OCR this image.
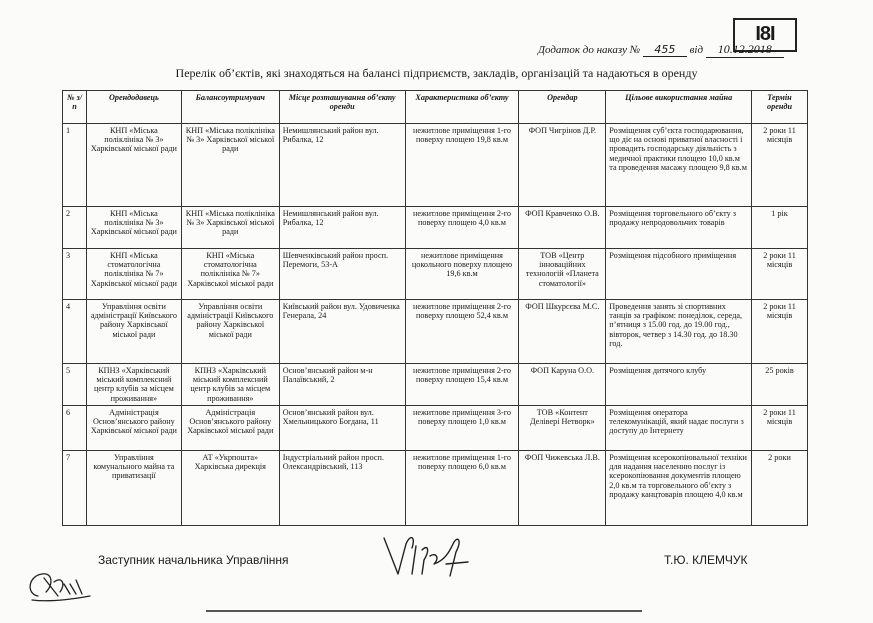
I8I
Додаток до наказу № 455 від 10.12.2018
Перелік об’єктів, які знаходяться на балансі підприємств, закладів, організацій та надаються в оренду
№ з/п	Орендодавець	Балансоутримувач	Місце розташування об’єкту оренди	Характеристика об’єкту	Орендар	Цільове використання майна	Термін оренди
1	КНП «Міська поліклініка № 3» Харківської міської ради	КНП «Міська поліклініка № 3» Харківської міської ради	Немишлянський район вул. Рибалка, 12	нежитлове приміщення 1-го поверху площею 19,8 кв.м	ФОП Чигрінов Д.Р.	Розміщення суб’єкта господарювання, що діє на основі приватної власності і провадить господарську діяльність з медичної практики площею 10,0 кв.м та проведення масажу площею 9,8 кв.м	2 роки 11 місяців
2	КНП «Міська поліклініка № 3» Харківської міської ради	КНП «Міська поліклініка № 3» Харківської міської ради	Немишлянський район вул. Рибалка, 12	нежитлове приміщення 2-го поверху площею 4,0 кв.м	ФОП Кравченко О.В.	Розміщення торговельного об’єкту з продажу непродовольчих товарів	1 рік
3	КНП «Міська стоматологічна поліклініка № 7» Харківської міської ради	КНП «Міська стоматологічна поліклініка № 7» Харківської міської ради	Шевченківський район просп. Перемоги, 53-А	нежитлове приміщення цокольного поверху площею 19,6 кв.м	ТОВ «Центр інноваційних технологій «Планета стоматології»	Розміщення підсобного приміщення	2 роки 11 місяців
4	Управління освіти адміністрації Київського району Харківської міської ради	Управління освіти адміністрації Київського району Харківської міської ради	Київський район вул. Удовиченка Генерала, 24	нежитлове приміщення 2-го поверху площею 52,4 кв.м	ФОП Шкурсєва М.С.	Проведення занять зі спортивних танців за графіком: понеділок, середа, п’ятниця з 15.00 год. до 19.00 год., вівторок, четвер з 14.30 год. до 18.30 год.	2 роки 11 місяців
5	КПНЗ «Харківський міський комплексний центр клубів за місцем проживання»	КПНЗ «Харківський міський комплексний центр клубів за місцем проживання»	Основ’янський район м-н Палаївський, 2	нежитлове приміщення 2-го поверху площею 15,4 кв.м	ФОП Каруна О.О.	Розміщення дитячого клубу	25 років
6	Адміністрація Основ’янського району Харківської міської ради	Адміністрація Основ’янського району Харківської міської ради	Основ’янський район вул. Хмельницького Богдана, 11	нежитлове приміщення 3-го поверху площею 1,0 кв.м	ТОВ «Контент Делівері Нетворк»	Розміщення оператора телекомунікацій, який надає послуги з доступу до Інтернету	2 роки 11 місяців
7	Управління комунального майна та приватизації	АТ «Укрпошта» Харківська дирекція	Індустріальний район просп. Олександрівський, 113	нежитлове приміщення 1-го поверху площею 6,0 кв.м	ФОП Чижевська Л.В.	Розміщення ксерокопіювальної техніки для надання населенню послуг із ксерокопіювання документів площею 2,0 кв.м та торговельного об’єкту з продажу канцтоварів площею 4,0 кв.м	2 роки
Заступник начальника Управління	Т.Ю. КЛЕМЧУК
